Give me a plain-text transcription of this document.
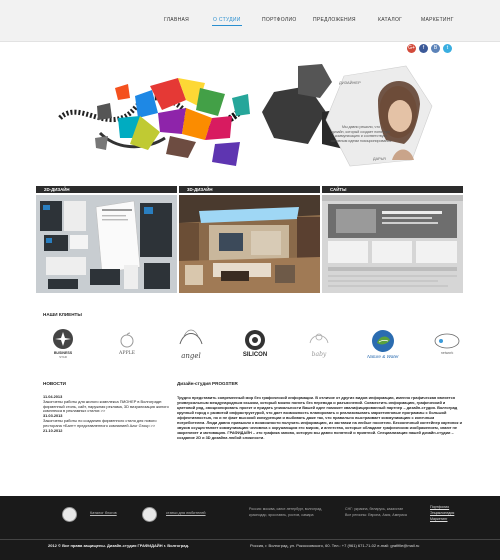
ГЛАВНАЯ	О СТУДИИ	ПОРТФОЛИО	ПРЕДЛОЖЕНИЯ	КАТАЛОГ	МАРКЕТИНГ
G+	f	B	t
ДИЗАЙНЕР
Мы давно решили, что
дизайн, который создает понятную
коммуникацию и соответствует
основным идеям позиционирования
ДАРЬЯ
2D-ДИЗАЙН	3D-ДИЗАЙН	САЙТЫ
НАШИ КЛИЕНТЫ
BUSINESS
STAR
APPLE	angel	SILICON	baby	Nature & Water
network
НОВОСТИ

11.04.2013

Закончены работы для жилого комплекса ПИОНЕР в Волгограде: фирменный стиль, сайт, наружная реклама, 3D визуализация жилого комплекса в рекламных стилях >>

31.03.2013

Закончены работы по созданию фирменного стиля для нового ресторана «Балт» представленного компанией Azur Group >>

21.10.2012

Дизайн-студия PROGSTER
Трудно представить современный мир без графической информации. В отличие от других видов информации, именно графическая является универсальным международным языком, который можно понять без перевода и разъяснений. Совместить информацию, графический и цветовой ряд, эмоционировать проект и придать уникальности Вашей идее поможет квалифицированный партнер – дизайн-студия. Волгоград крупный город с развитой инфраструктурой, что дает возможность планировать и реализовывать маркетинговые программы с большой эффективностью, но и не факт высокой конкуренции и выбивать даже так, что правильно выстраивает коммуникацию с конечным потребителем. Люди давно привыкли к возможности получать информацию, из заставки на любые носители. Бесконечный контейнер картинок и звуков осуществляет коммуникацию человека с окружающим его миром, и агентство, которые обладают графическим изображением, знают не закрепляет и мотивацию. ГРАФИДАЙН – это графика заново, которую мы давно понятной и приятной. Специализация нашей дизайн-студии – создание 2D и 3D дизайна любой сложности.
Каталог блогов	статьи для любителей
Россия: москва, санкт-петербург, волгоград, краснодар, ярославль, ростов, самара
СНГ: украина, беларусь, казахстан
Все регионы: Европа, Азия, Америка
Портфолио
Энциклопедия
Маркетинг
2012 © Все права защищены. Дизайн-студия ГРАФИДАЙН г. Волгоград.	Россия, г. Волгоград, ул. Рокоссовского, 60. Тел.: +7 (961) 671-71-02 e-mail: grafifile@mail.ru
